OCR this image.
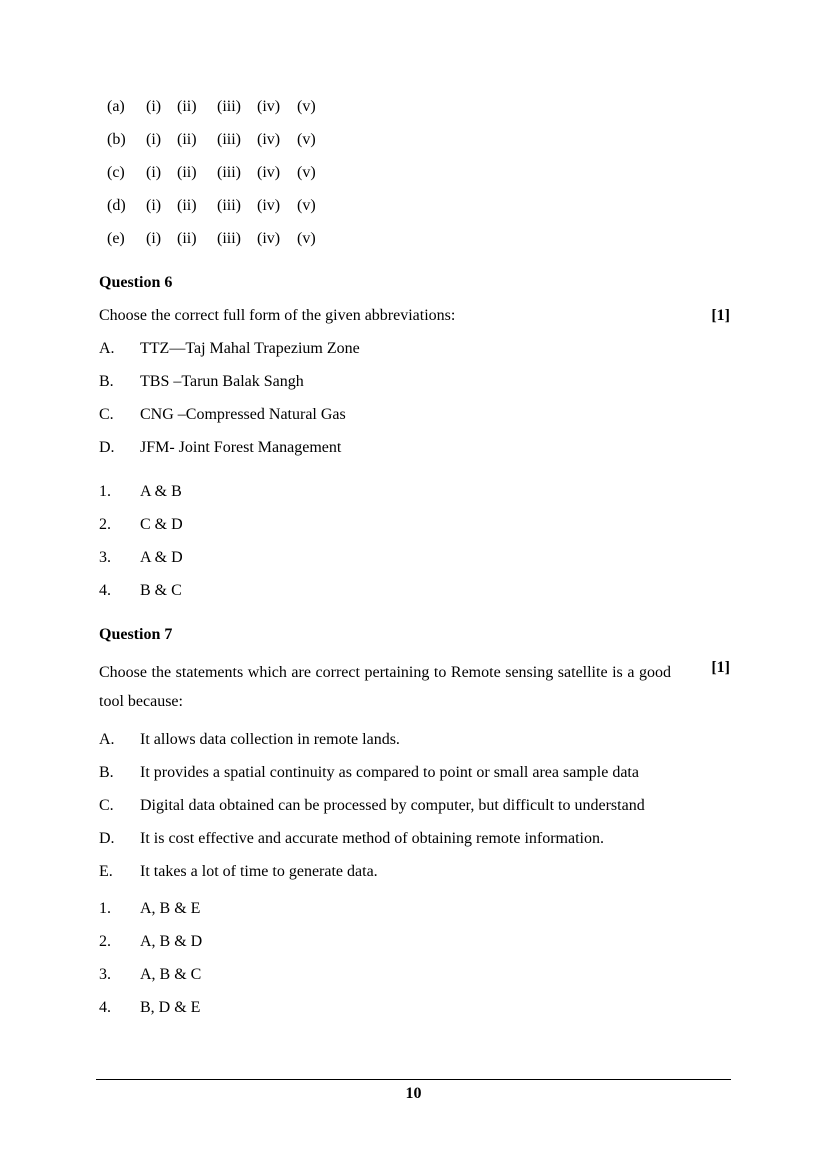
(a)	(i) (ii)	(iii)	(iv)	(v)
(b)	(i) (ii)	(iii)	(iv)	(v)
(c)	(i) (ii)	(iii)	(iv)	(v)
(d)	(i) (ii)	(iii)	(iv)	(v)
(e)	(i) (ii)	(iii)	(iv)	(v)
Question 6
Choose the correct full form of the given abbreviations:	[1]
A.	TTZ—Taj Mahal Trapezium Zone
B.	TBS –Tarun Balak Sangh
C.	CNG –Compressed Natural Gas
D.	JFM- Joint Forest Management
1.	A & B
2.	C & D
3.	A & D
4.	B & C
Question 7
Choose the statements which are correct pertaining to Remote sensing satellite is a good tool because:
[1]
A.	It allows data collection in remote lands.
B.	It provides a spatial continuity as compared to point or small area sample data
C.	Digital data obtained can be processed by computer, but difficult to understand
D.	It is cost effective and accurate method of obtaining remote information.
E.	It takes a lot of time to generate data.
1.	A, B & E
2.	A, B & D
3.	A, B & C
4.	B, D & E
10
